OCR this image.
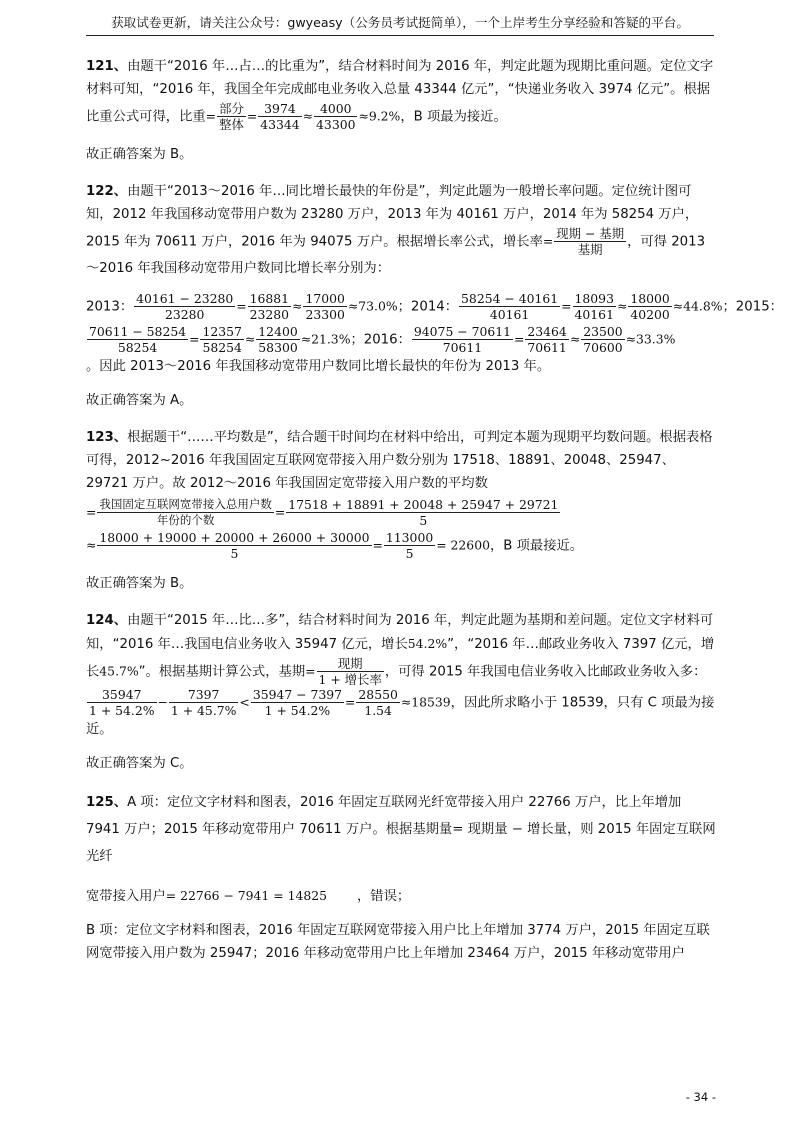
获取试卷更新，请关注公众号：gwyeasy（公务员考试挺简单），一个上岸考生分享经验和答疑的平台。

121、由题干“2016 年…占…的比重为”，结合材料时间为 2016 年，判定此题为现期比重问题。定位文字材料可知，“2016 年，我国全年完成邮电业务收入总量 43344 亿元”，“快递业务收入 3974 亿元”。根据比重公式可得，比重= $\frac{\text{部分}}{\text{整体}} = \frac{3974}{43344} \approx \frac{4000}{43300} \approx 9.2\%$，B 项最为接近。

故正确答案为 B。

122、由题干“2013～2016 年…同比增长最快的年份是”，判定此题为一般增长率问题。定位统计图可知，2012 年我国移动宽带用户数为 23280 万户，2013 年为 40161 万户，2014 年为 58254 万户，2015 年为 70611 万户，2016 年为 94075 万户。根据增长率公式，增长率= $\frac{\text{现期 − 基期}}{\text{基期}}$ ，可得 2013～2016 年我国移动宽带用户数同比增长率分别为：

2013： $\frac{40161 - 23280}{23280} = \frac{16881}{23280} \approx \frac{17000}{23300} \approx 73.0\%$；2014： $\frac{58254 - 40161}{40161} = \frac{18093}{40161} \approx \frac{18000}{40200} \approx 44.8\%$；2015：

$\frac{70611 - 58254}{58254} = \frac{12357}{58254} \approx \frac{12400}{58300} \approx 21.3\%$；2016： $\frac{94075 - 70611}{70611} = \frac{23464}{70611} \approx \frac{23500}{70600} \approx 33.3\%$

。因此 2013～2016 年我国移动宽带用户数同比增长最快的年份为 2013 年。

故正确答案为 A。

123、根据题干“……平均数是”，结合题干时间均在材料中给出，可判定本题为现期平均数问题。根据表格可得，2012~2016 年我国固定互联网宽带接入用户数分别为 17518、18891、20048、25947、29721 万户。故 2012～2016 年我国固定宽带接入用户数的平均数

= $\frac{\text{我国固定互联网宽带接入总用户数}}{\text{年份的个数}} = \frac{17518 + 18891 + 20048 + 25947 + 29721}{5}$

≈ $\frac{18000 + 19000 + 20000 + 26000 + 30000}{5} = \frac{113000}{5} = 22600$，B 项最接近。

故正确答案为 B。

124、由题干“2015 年…比…多”，结合材料时间为 2016 年，判定此题为基期和差问题。定位文字材料可知，“2016 年…我国电信业务收入 35947 亿元，增长54.2%”，“2016 年…邮政业务收入 7397 亿元，增长45.7%”。根据基期计算公式，基期= $\frac{\text{现期}}{\text{1 + 增长率}}$ ，可得 2015 年我国电信业务收入比邮政业务收入多：
$\frac{35947}{1 + 54.2\%} - \frac{7397}{1 + 45.7\%} < \frac{35947 - 7397}{1 + 54.2\%} = \frac{28550}{1.54} \approx 18539$，因此所求略小于 18539，只有 C 项最为接近。

故正确答案为 C。

125、A 项：定位文字材料和图表，2016 年固定互联网光纤宽带接入用户 22766 万户，比上年增加 7941 万户；2015 年移动宽带用户 70611 万户。根据基期量= 现期量 − 增长量，则 2015 年固定互联网光纤

宽带接入用户= 22766 − 7941 = 14825 ，错误；

B 项：定位文字材料和图表，2016 年固定互联网宽带接入用户比上年增加 3774 万户，2015 年固定互联网宽带接入用户数为 25947；2016 年移动宽带用户比上年增加 23464 万户，2015 年移动宽带用户

- 34 -
